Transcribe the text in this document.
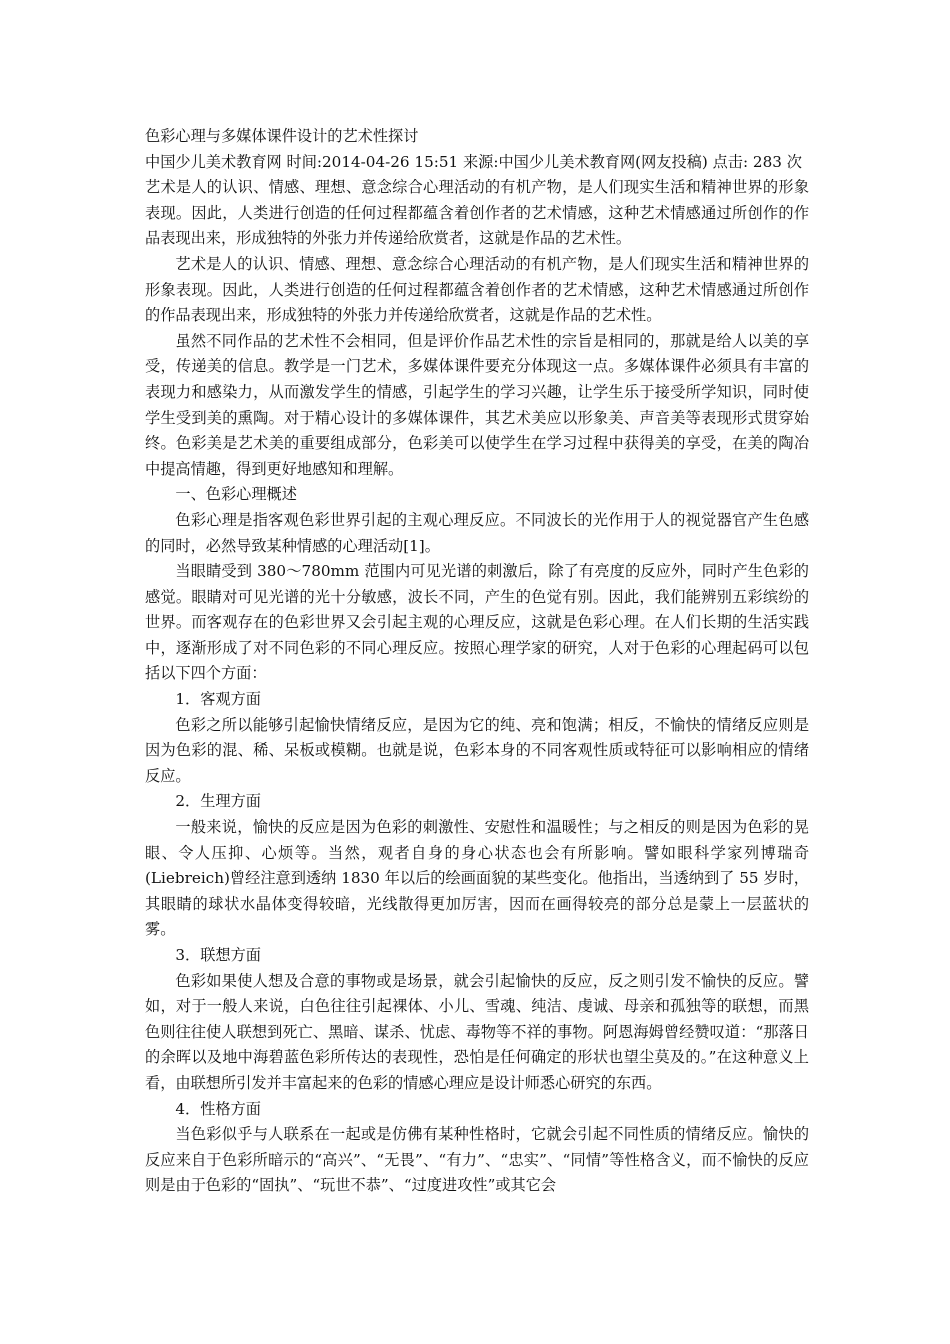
色彩心理与多媒体课件设计的艺术性探讨

中国少儿美术教育网 时间:2014-04-26 15:51 来源:中国少儿美术教育网(网友投稿) 点击: 283 次

艺术是人的认识、情感、理想、意念综合心理活动的有机产物，是人们现实生活和精神世界的形象表现。因此，人类进行创造的任何过程都蕴含着创作者的艺术情感，这种艺术情感通过所创作的作品表现出来，形成独特的外张力并传递给欣赏者，这就是作品的艺术性。

艺术是人的认识、情感、理想、意念综合心理活动的有机产物，是人们现实生活和精神世界的形象表现。因此，人类进行创造的任何过程都蕴含着创作者的艺术情感，这种艺术情感通过所创作的作品表现出来，形成独特的外张力并传递给欣赏者，这就是作品的艺术性。

虽然不同作品的艺术性不会相同，但是评价作品艺术性的宗旨是相同的，那就是给人以美的享受，传递美的信息。教学是一门艺术，多媒体课件要充分体现这一点。多媒体课件必须具有丰富的表现力和感染力，从而激发学生的情感，引起学生的学习兴趣，让学生乐于接受所学知识，同时使学生受到美的熏陶。对于精心设计的多媒体课件，其艺术美应以形象美、声音美等表现形式贯穿始终。色彩美是艺术美的重要组成部分，色彩美可以使学生在学习过程中获得美的享受，在美的陶冶中提高情趣，得到更好地感知和理解。

一、色彩心理概述

色彩心理是指客观色彩世界引起的主观心理反应。不同波长的光作用于人的视觉器官产生色感的同时，必然导致某种情感的心理活动[1]。

当眼睛受到 380～780mm 范围内可见光谱的刺激后，除了有亮度的反应外，同时产生色彩的感觉。眼睛对可见光谱的光十分敏感，波长不同，产生的色觉有别。因此，我们能辨别五彩缤纷的世界。而客观存在的色彩世界又会引起主观的心理反应，这就是色彩心理。在人们长期的生活实践中，逐渐形成了对不同色彩的不同心理反应。按照心理学家的研究，人对于色彩的心理起码可以包括以下四个方面：

1．客观方面

色彩之所以能够引起愉快情绪反应，是因为它的纯、亮和饱满；相反，不愉快的情绪反应则是因为色彩的混、稀、呆板或模糊。也就是说，色彩本身的不同客观性质或特征可以影响相应的情绪反应。

2．生理方面

一般来说，愉快的反应是因为色彩的刺激性、安慰性和温暖性；与之相反的则是因为色彩的晃眼、令人压抑、心烦等。当然，观者自身的身心状态也会有所影响。譬如眼科学家列博瑞奇(Liebreich)曾经注意到透纳 1830 年以后的绘画面貌的某些变化。他指出，当透纳到了 55 岁时，其眼睛的球状水晶体变得较暗，光线散得更加厉害，因而在画得较亮的部分总是蒙上一层蓝状的雾。

3．联想方面

色彩如果使人想及合意的事物或是场景，就会引起愉快的反应，反之则引发不愉快的反应。譬如，对于一般人来说，白色往往引起裸体、小儿、雪魂、纯洁、虔诚、母亲和孤独等的联想，而黑色则往往使人联想到死亡、黑暗、谋杀、忧虑、毒物等不祥的事物。阿恩海姆曾经赞叹道：“那落日的余晖以及地中海碧蓝色彩所传达的表现性，恐怕是任何确定的形状也望尘莫及的。”在这种意义上看，由联想所引发并丰富起来的色彩的情感心理应是设计师悉心研究的东西。

4．性格方面

当色彩似乎与人联系在一起或是仿佛有某种性格时，它就会引起不同性质的情绪反应。愉快的反应来自于色彩所暗示的“高兴”、“无畏”、“有力”、“忠实”、“同情”等性格含义，而不愉快的反应则是由于色彩的“固执”、“玩世不恭”、“过度进攻性”或其它会
